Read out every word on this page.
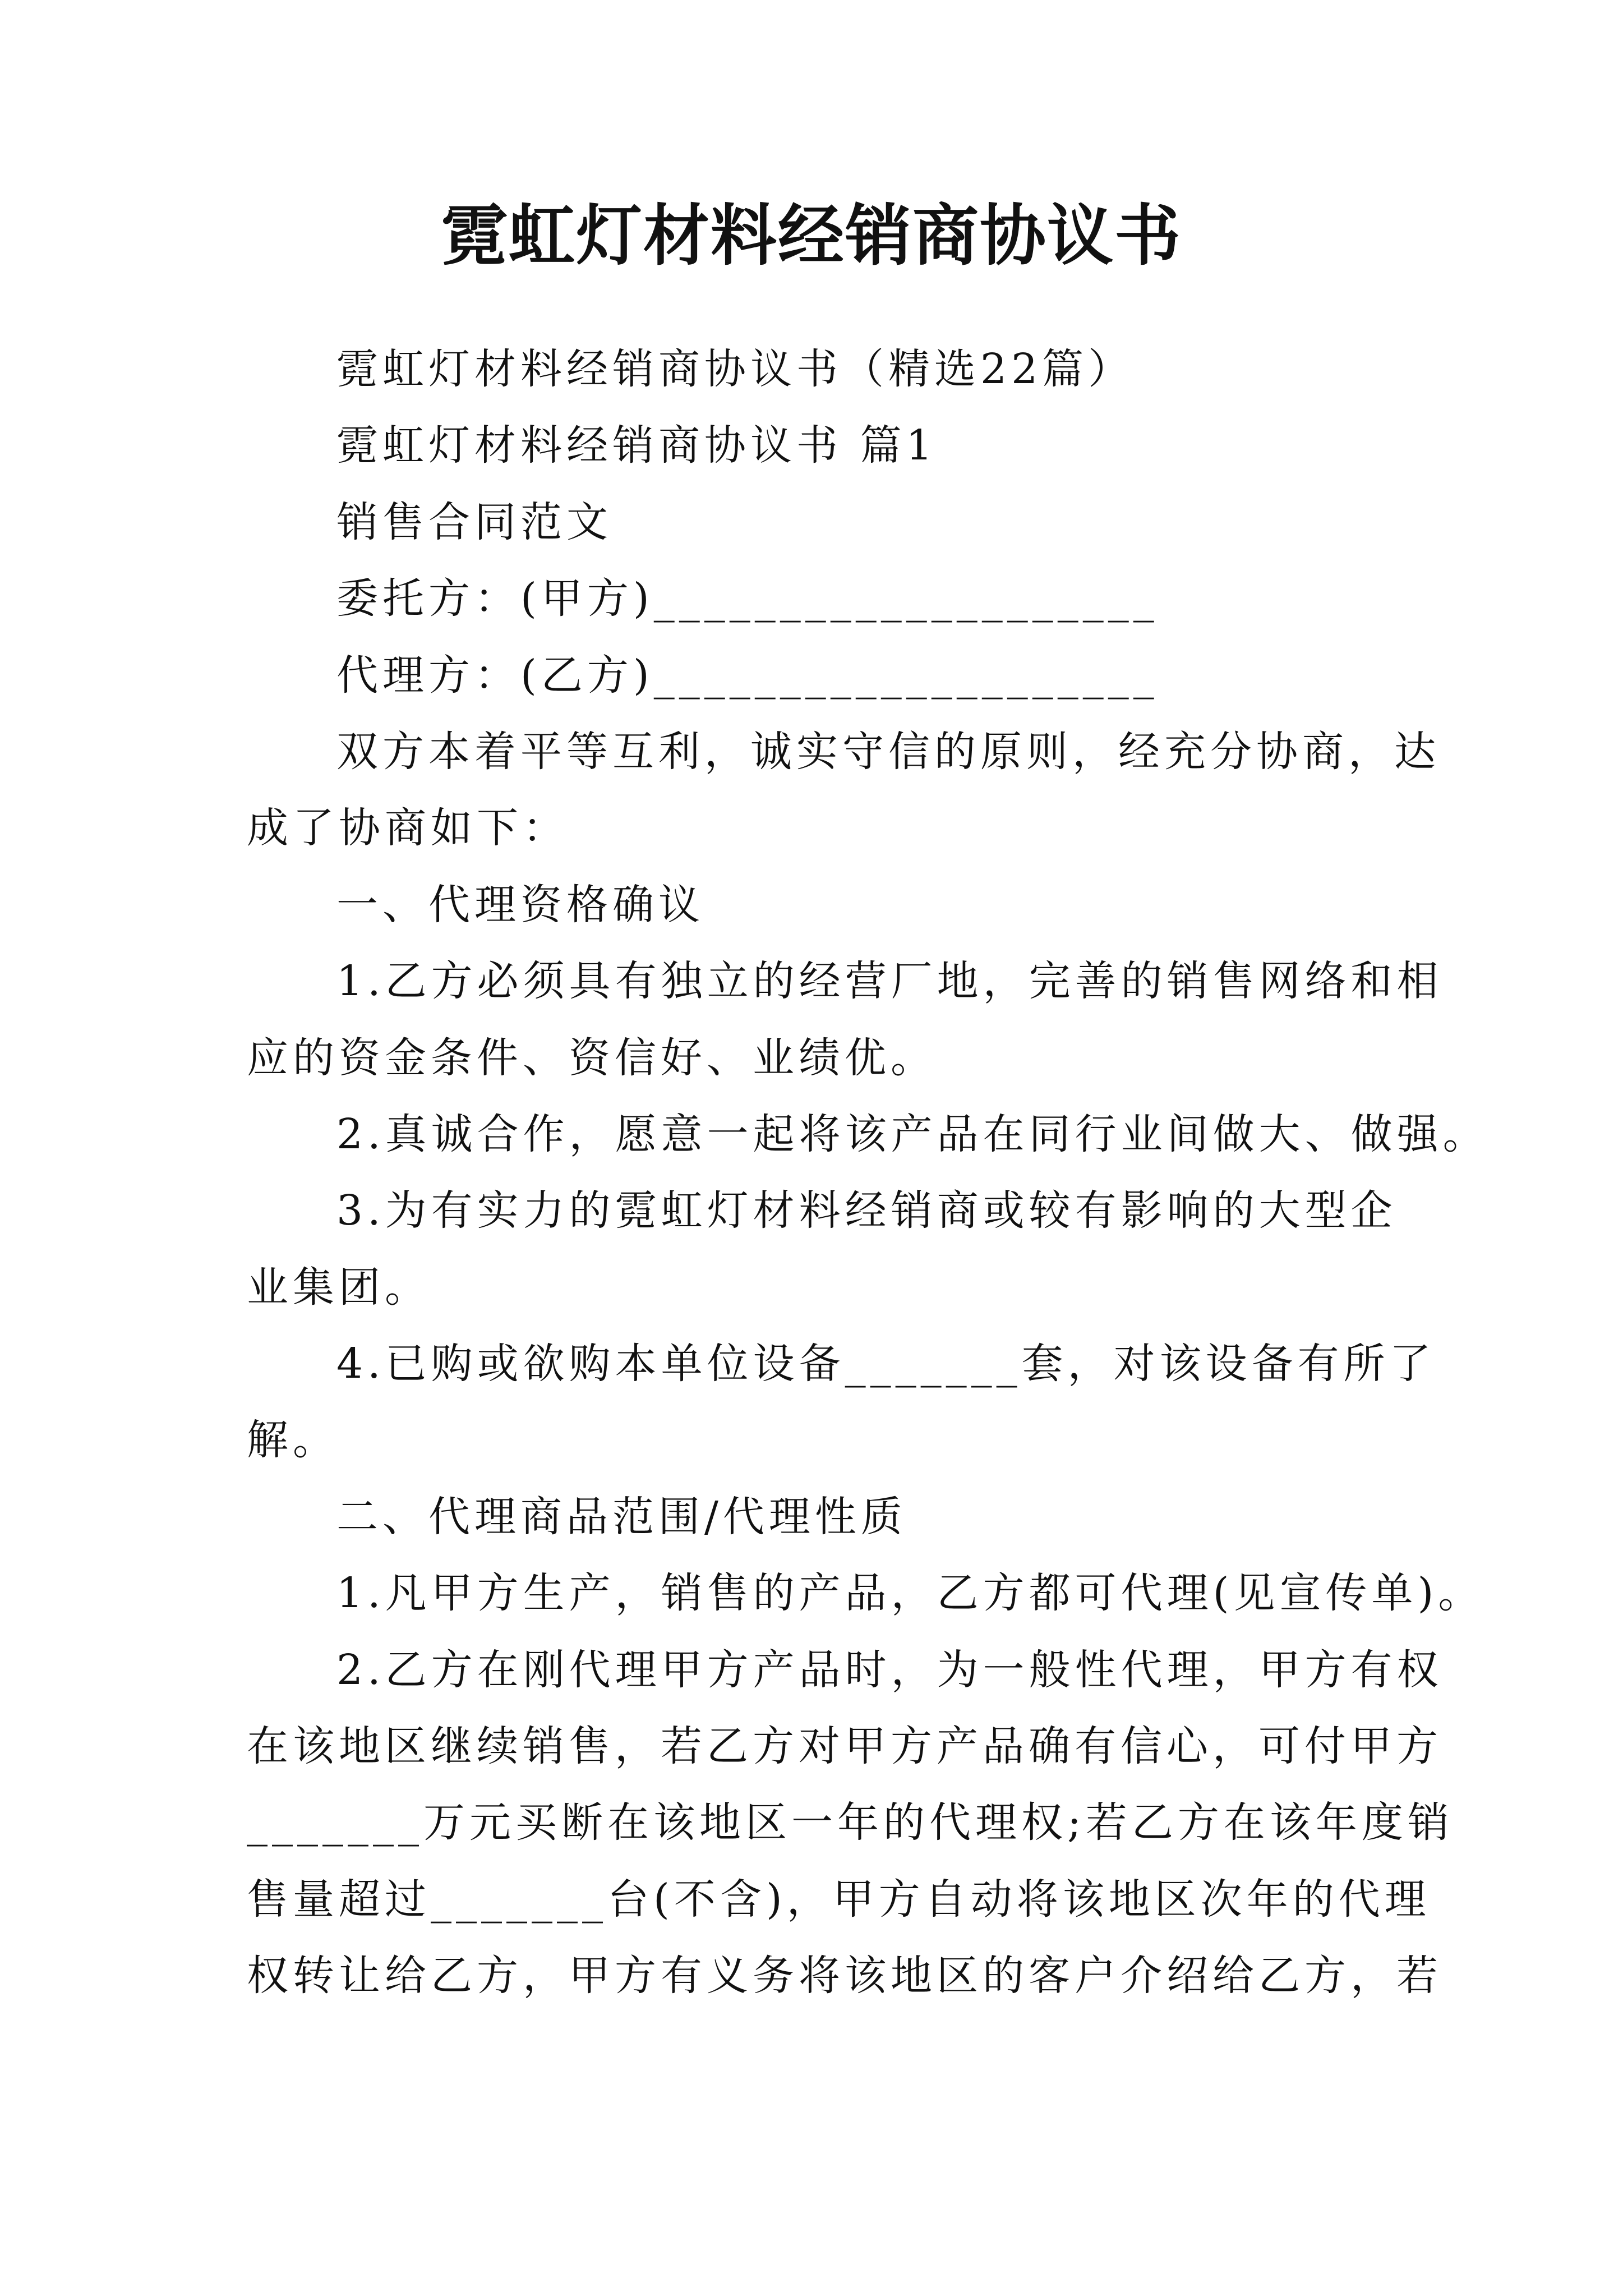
霓虹灯材料经销商协议书
霓虹灯材料经销商协议书（精选22篇）
霓虹灯材料经销商协议书 篇1
销售合同范文
委托方：(甲方)____________________
代理方：(乙方)____________________
双方本着平等互利，诚实守信的原则，经充分协商，达
成了协商如下：
一、代理资格确议
1.乙方必须具有独立的经营厂地，完善的销售网络和相
应的资金条件、资信好、业绩优。
2.真诚合作，愿意一起将该产品在同行业间做大、做强。
3.为有实力的霓虹灯材料经销商或较有影响的大型企
业集团。
4.已购或欲购本单位设备_______套，对该设备有所了
解。
二、代理商品范围/代理性质
1.凡甲方生产，销售的产品，乙方都可代理(见宣传单)。
2.乙方在刚代理甲方产品时，为一般性代理，甲方有权
在该地区继续销售，若乙方对甲方产品确有信心，可付甲方
_______万元买断在该地区一年的代理权;若乙方在该年度销
售量超过_______台(不含)，甲方自动将该地区次年的代理
权转让给乙方，甲方有义务将该地区的客户介绍给乙方，若
